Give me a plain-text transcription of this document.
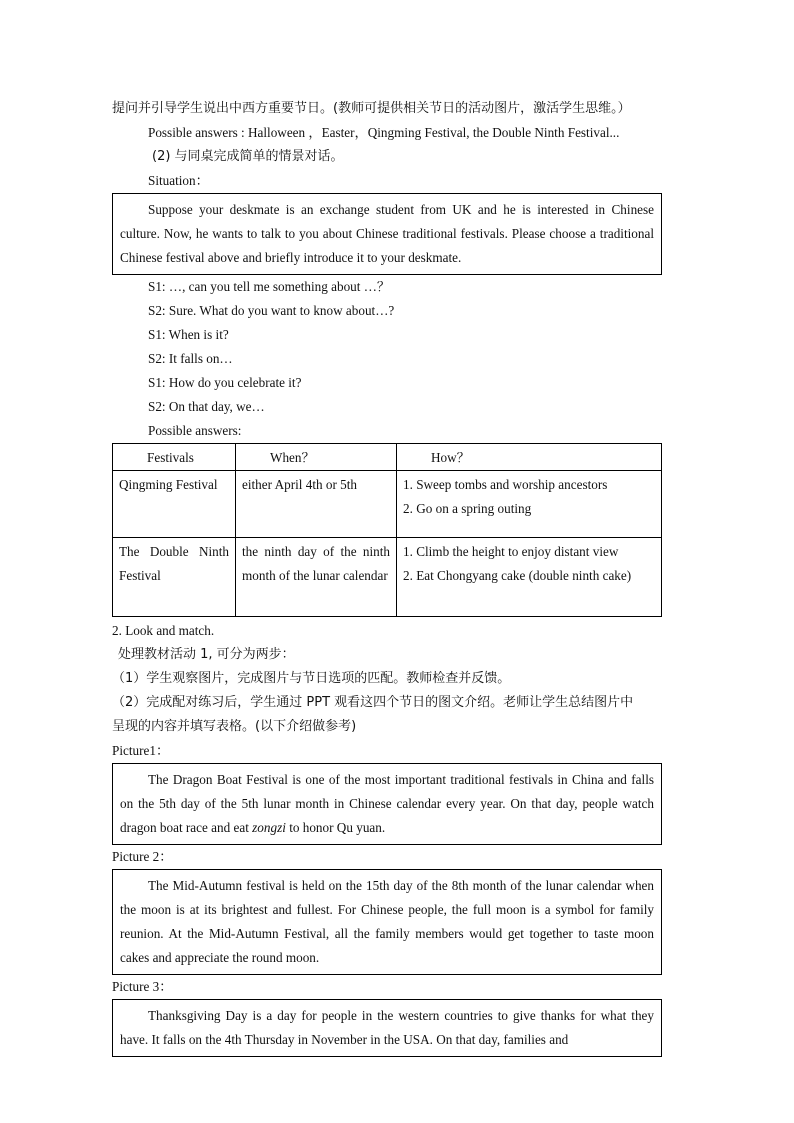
提问并引导学生说出中西方重要节日。(教师可提供相关节日的活动图片，激活学生思维。）
Possible answers : Halloween ，Easter，Qingming Festival, the Double Ninth Festival...
(2) 与同桌完成简单的情景对话。
Situation：
Suppose your deskmate is an exchange student from UK and he is interested in Chinese culture. Now, he wants to talk to you about Chinese traditional festivals. Please choose a traditional Chinese festival above and briefly introduce it to your deskmate.
S1: …, can you tell me something about …？
S2: Sure. What do you want to know about…?
S1: When is it?
S2: It falls on…
S1: How do you celebrate it?
S2: On that day, we…
Possible answers:
Festivals	When？	How？
Qingming Festival	either April 4th or 5th	1. Sweep tombs and worship ancestors
2. Go on a spring outing

The Double Ninth Festival	the ninth day of the ninth month of the lunar calendar	1. Climb the height to enjoy distant view
2. Eat Chongyang cake (double ninth cake)
2. Look and match.
处理教材活动 1, 可分为两步：
（1）学生观察图片，完成图片与节日选项的匹配。教师检查并反馈。
（2）完成配对练习后，学生通过 PPT 观看这四个节日的图文介绍。老师让学生总结图片中
呈现的内容并填写表格。(以下介绍做参考)
Picture1：
The Dragon Boat Festival is one of the most important traditional festivals in China and falls on the 5th day of the 5th lunar month in Chinese calendar every year. On that day, people watch dragon boat race and eat zongzi to honor Qu yuan.
Picture 2：
The Mid-Autumn festival is held on the 15th day of the 8th month of the lunar calendar when the moon is at its brightest and fullest. For Chinese people, the full moon is a symbol for family reunion. At the Mid-Autumn Festival, all the family members would get together to taste moon cakes and appreciate the round moon.
Picture 3：
Thanksgiving Day is a day for people in the western countries to give thanks for what they have. It falls on the 4th Thursday in November in the USA. On that day, families and
